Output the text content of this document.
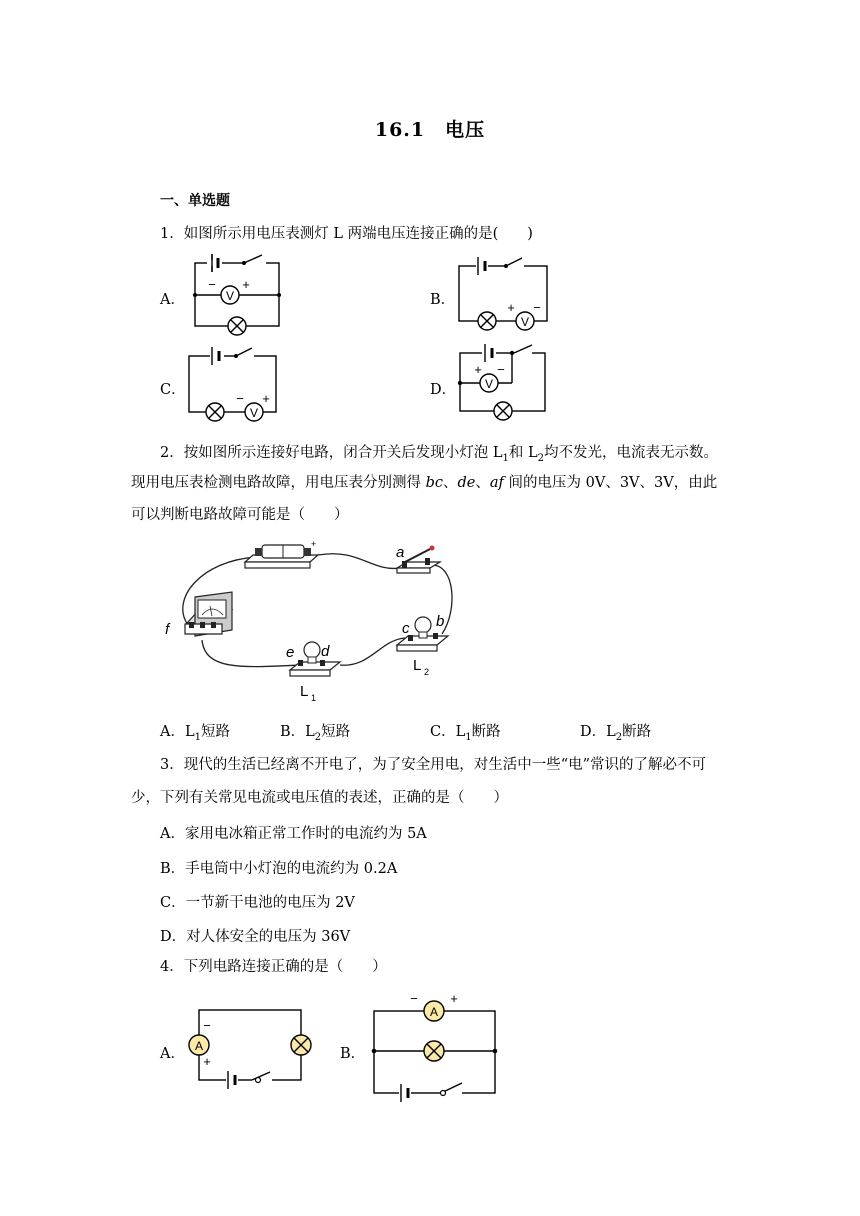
16.1　电压
一、单选题
1．如图所示用电压表测灯 L 两端电压连接正确的是(　　)
A．	V
− +
B．
V
+ −
C．
V
− +
D． V
+ −
2．按如图所示连接好电路，闭合开关后发现小灯泡 $L_1$和 $L_2$均不发光，电流表无示数。
现用电压表检测电路故障，用电压表分别测得 bc、de、af 间的电压为 0V、3V、3V，由此
可以判断电路故障可能是（　　）
+	a
f
e d
L 1
c b
L 2
A．$L_1$短路	B．$L_2$短路	C．$L_1$断路	D．$L_2$断路
3．现代的生活已经离不开电了，为了安全用电，对生活中一些“电”常识的了解必不可
少，下列有关常见电流或电压值的表述，正确的是（　　）
A．家用电冰箱正常工作时的电流约为 5A
B．手电筒中小灯泡的电流约为 0.2A
C．一节新干电池的电压为 2V
D．对人体安全的电压为 36V
4．下列电路连接正确的是（　　）
A． A
−
+	B．
A
− +
